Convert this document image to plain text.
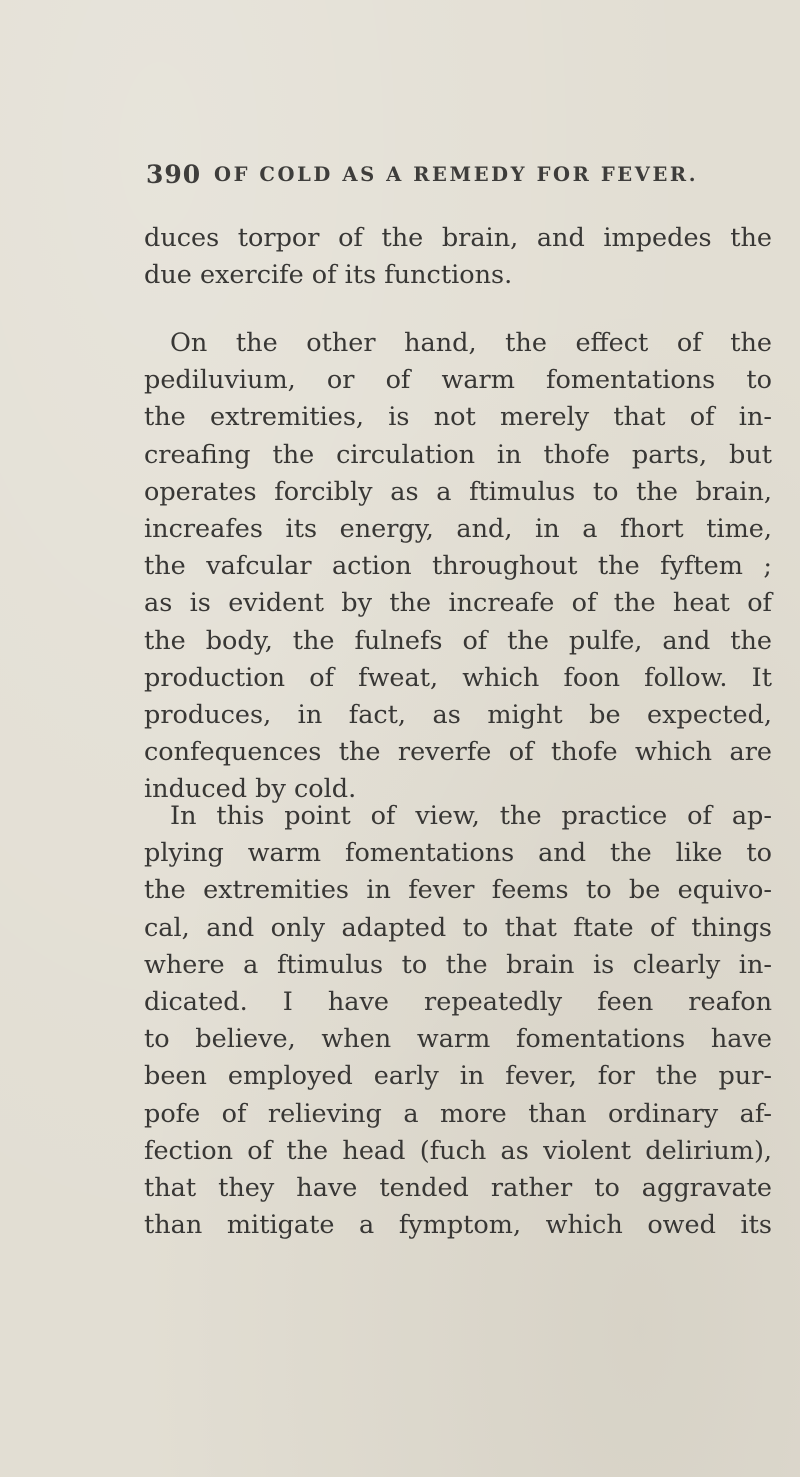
390 OF COLD AS A REMEDY FOR FEVER.
duces torpor of the brain, and impedes the
due exercife of its functions.
On the other hand, the effect of the
pediluvium, or of warm fomentations to
the extremities, is not merely that of in-
creafing the circulation in thofe parts, but
operates forcibly as a ftimulus to the brain,
increafes its energy, and, in a fhort time,
the vafcular action throughout the fyftem ;
as is evident by the increafe of the heat of
the body, the fulnefs of the pulfe, and the
production of fweat, which foon follow. It
produces, in fact, as might be expected,
confequences the reverfe of thofe which are
induced by cold.
In this point of view, the practice of ap-
plying warm fomentations and the like to
the extremities in fever feems to be equivo-
cal, and only adapted to that ftate of things
where a ftimulus to the brain is clearly in-
dicated. I have repeatedly feen reafon
to believe, when warm fomentations have
been employed early in fever, for the pur-
pofe of relieving a more than ordinary af-
fection of the head (fuch as violent delirium),
that they have tended rather to aggravate
than mitigate a fymptom, which owed its
